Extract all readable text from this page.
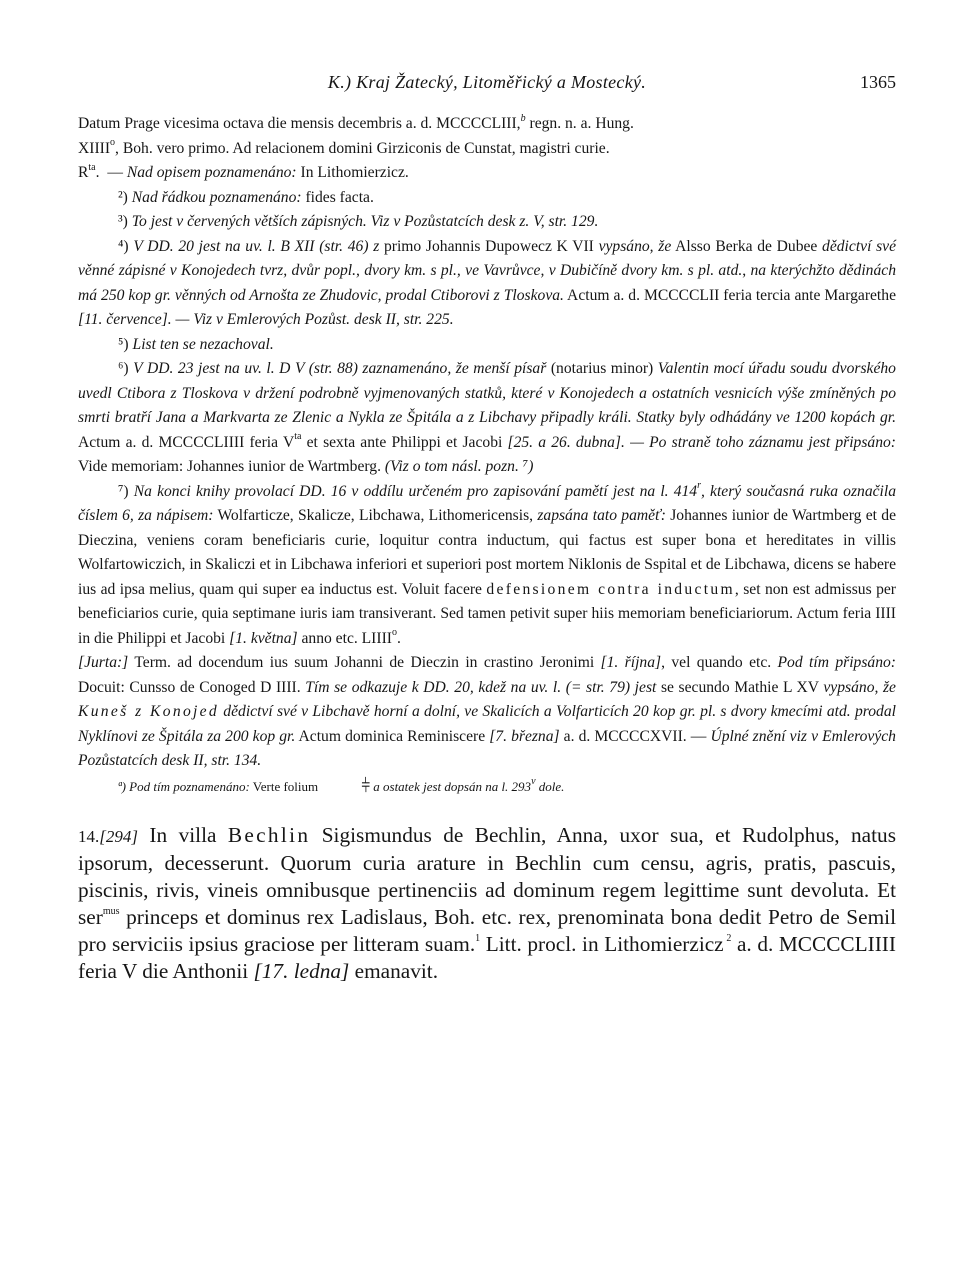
K.) Kraj Žatecký, Litoměřický a Mostecký.	1365

Datum Prage vicesima octava die mensis decembris a. d. MCCCCLIII,$^b$ regn. n. a. Hung.
XIIII$^o$, Boh. vero primo. Ad relacionem domini Girziconis de Cunstat, magistri curie.
$R^{ta}$. — Nad opisem poznamenáno: In Lithomierzicz.

²) Nad řádkou poznamenáno: fides facta.

³) To jest v červených větších zápisných. Viz v Pozůstatcích desk z. V, str. 129.

⁴) V DD. 20 jest na uv. l. B XII (str. 46) z primo Johannis Dupowecz K VII vypsáno, že Alsso Berka de Dubee dědictví své věnné zápisné v Konojedech tvrz, dvůr popl., dvory km. s pl., ve Vavrůvce, v Dubičíně dvory km. s pl. atd., na kterýchžto dědinách má 250 kop gr. věnných od Arnošta ze Zhudovic, prodal Ctiborovi z Tloskova. Actum a. d. MCCCCLII feria tercia ante Margarethe [11. července]. — Viz v Emlerových Pozůst. desk II, str. 225.

⁵) List ten se nezachoval.

⁶) V DD. 23 jest na uv. l. D V (str. 88) zaznamenáno, že menší písař (notarius minor) Valentin mocí úřadu soudu dvorského uvedl Ctibora z Tloskova v držení podrobně vyjmenovaných statků, které v Konojedech a ostatních vesnicích výše zmíněných po smrti bratří Jana a Markvarta ze Zlenic a Nykla ze Špitála a z Libchavy připadly králi. Statky byly odhádány ve 1200 kopách gr. Actum a. d. MCCCCLIIII feria $V^{ta}$ et sexta ante Philippi et Jacobi [25. a 26. dubna]. — Po straně toho záznamu jest připsáno: Vide memoriam: Johannes iunior de Wartmberg. (Viz o tom násl. pozn. ⁷)

⁷) Na konci knihy provolací DD. 16 v oddílu určeném pro zapisování pamětí jest na l. 414$^r$, který současná ruka označila číslem 6, za nápisem: Wolfarticze, Skalicze, Libchawa, Lithomericensis, zapsána tato paměť: Johannes iunior de Wartmberg et de Dieczina, veniens coram beneficiaris curie, loquitur contra inductum, qui factus est super bona et hereditates in villis Wolfartowiczich, in Skaliczi et in Libchawa inferiori et superiori post mortem Niklonis de Sspital et de Libchawa, dicens se habere ius ad ipsa melius, quam qui super ea inductus est. Voluit facere defensionem contra inductum, set non est admissus per beneficiarios curie, quia septimane iuris iam transiverant. Sed tamen petivit super hiis memoriam beneficiariorum. Actum feria IIII in die Philippi et Jacobi [1. května] anno etc. LIIII$^o$.
[Jurta:] Term. ad docendum ius suum Johanni de Dieczin in crastino Jeronimi [1. října], vel quando etc. Pod tím připsáno: Docuit: Cunsso de Conoged D IIII. Tím se odkazuje k DD. 20, kdež na uv. l. (= str. 79) jest se secundo Mathie L XV vypsáno, že Kuneš z Konojed dědictví své v Libchavě horní a dolní, ve Skalicích a Volfarticích 20 kop gr. pl. s dvory kmecími atd. prodal Nyklínovi ze Špitála za 200 kop gr. Actum dominica Reminiscere [7. března] a. d. MCCCCXVII. — Úplné znění viz v Emlerových Pozůstatcích desk II, str. 134.

ª) Pod tím poznamenáno: Verte folium	⫩ a ostatek jest dopsán na l. 293$^v$ dole.

14.[294] In villa Bechlin Sigismundus de Bechlin, Anna, uxor sua, et Rudolphus, natus ipsorum, decesserunt. Quorum curia arature in Bechlin cum censu, agris, pratis, pascuis, piscinis, rivis, vineis omnibusque pertinenciis ad dominum regem legittime sunt devoluta. Et ser$^{mus}$ princeps et dominus rex Ladislaus, Boh. etc. rex, prenominata bona dedit Petro de Semil pro serviciis ipsius graciose per litteram suam.$^1$ Litt. procl. in Lithomierzicz $^2$ a. d. MCCCCLIIII feria V die Anthonii [17. ledna] emanavit.
